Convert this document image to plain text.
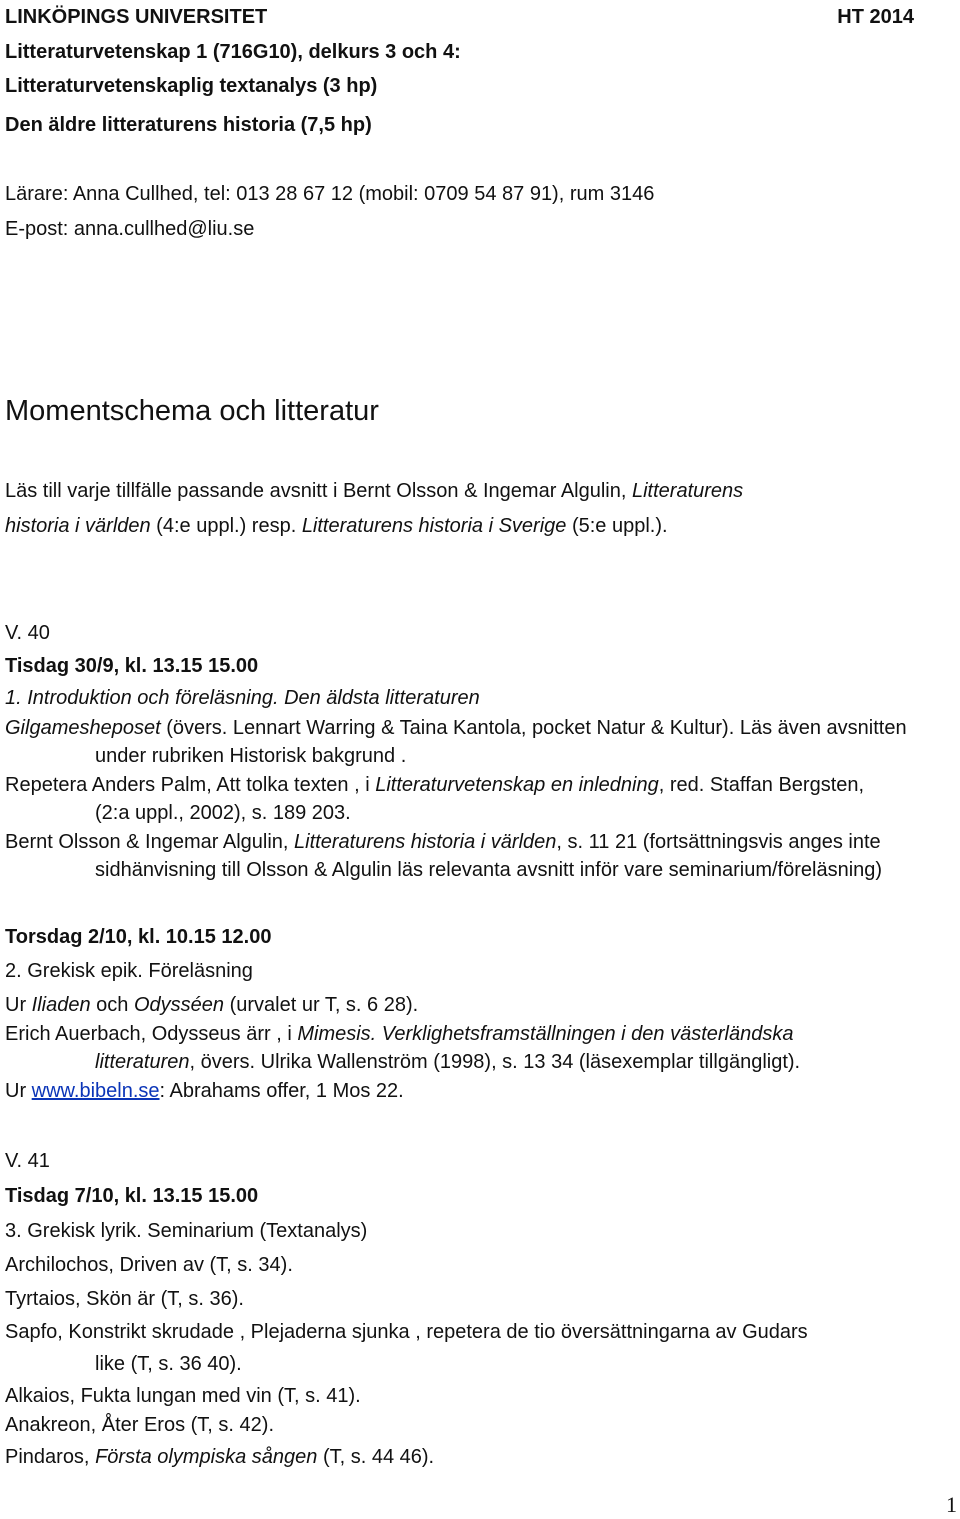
LINKÖPINGS UNIVERSITET	HT 2014
Litteraturvetenskap 1 (716G10), delkurs 3 och 4:
Litteraturvetenskaplig textanalys (3 hp)
Den äldre litteraturens historia (7,5 hp)
Lärare: Anna Cullhed, tel: 013 28 67 12 (mobil: 0709 54 87 91), rum 3146
E-post: anna.cullhed@liu.se
Momentschema och litteratur
Läs till varje tillfälle passande avsnitt i Bernt Olsson & Ingemar Algulin, Litteraturens
historia i världen (4:e uppl.) resp. Litteraturens historia i Sverige (5:e uppl.).
V. 40
Tisdag 30/9, kl. 13.15 15.00
1. Introduktion och föreläsning. Den äldsta litteraturen
Gilgamesheposet (övers. Lennart Warring & Taina Kantola, pocket Natur & Kultur). Läs även avsnitten
under rubriken Historisk bakgrund .
Repetera Anders Palm, Att tolka texten , i Litteraturvetenskap en inledning, red. Staffan Bergsten,
(2:a uppl., 2002), s. 189 203.
Bernt Olsson & Ingemar Algulin, Litteraturens historia i världen, s. 11 21 (fortsättningsvis anges inte
sidhänvisning till Olsson & Algulin läs relevanta avsnitt inför vare seminarium/föreläsning)
Torsdag 2/10, kl. 10.15 12.00
2. Grekisk epik. Föreläsning
Ur Iliaden och Odysséen (urvalet ur T, s. 6 28).
Erich Auerbach, Odysseus ärr , i Mimesis. Verklighetsframställningen i den västerländska
litteraturen, övers. Ulrika Wallenström (1998), s. 13 34 (läsexemplar tillgängligt).
Ur www.bibeln.se: Abrahams offer, 1 Mos 22.
V. 41
Tisdag 7/10, kl. 13.15 15.00
3. Grekisk lyrik. Seminarium (Textanalys)
Archilochos, Driven av (T, s. 34).
Tyrtaios, Skön är (T, s. 36).
Sapfo, Konstrikt skrudade , Plejaderna sjunka , repetera de tio översättningarna av Gudars
like (T, s. 36 40).
Alkaios, Fukta lungan med vin (T, s. 41).
Anakreon, Åter Eros (T, s. 42).
Pindaros, Första olympiska sången (T, s. 44 46).
1
